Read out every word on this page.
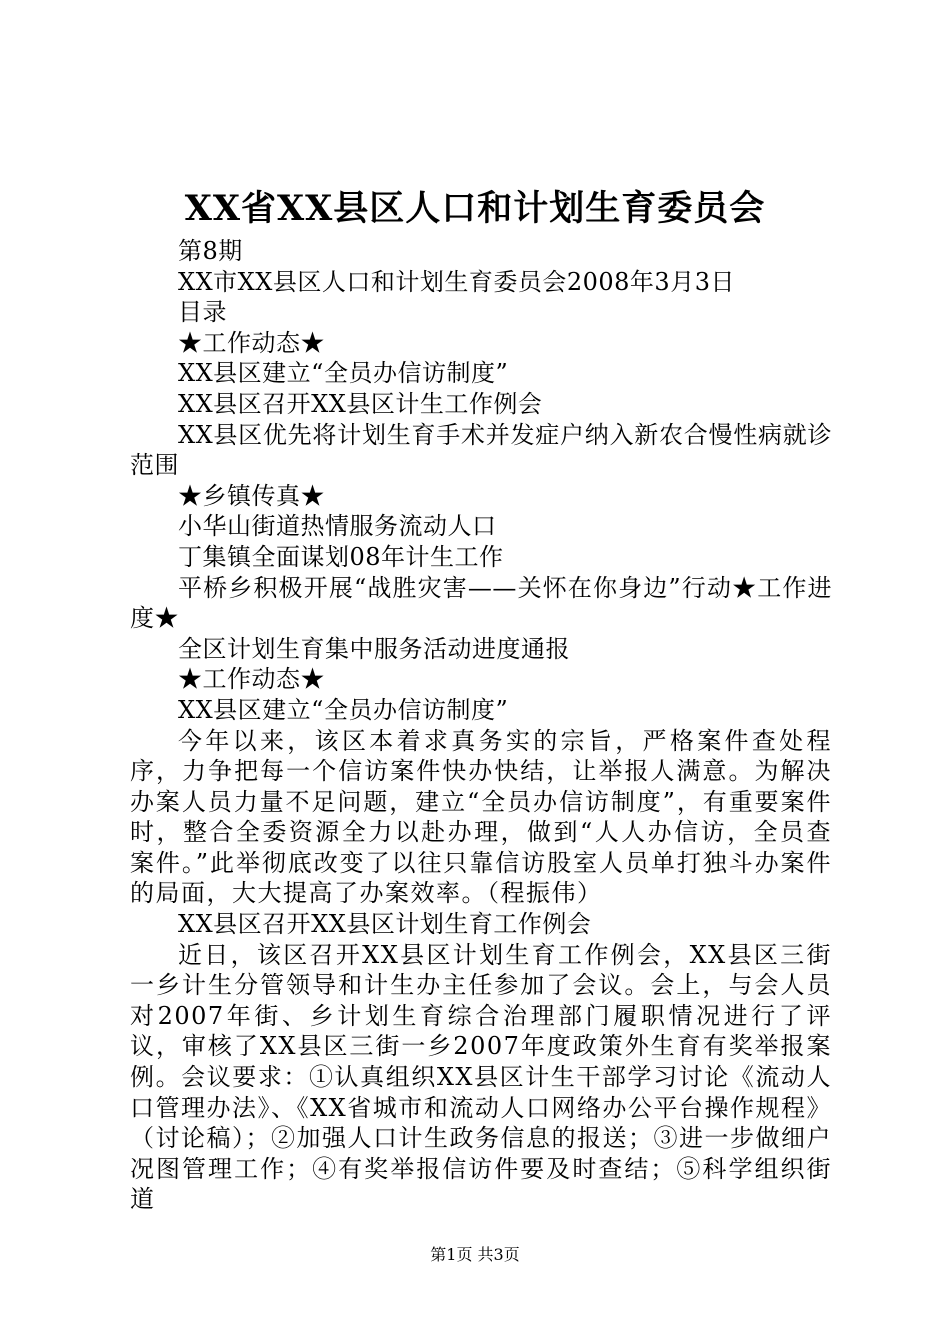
XX省XX县区人口和计划生育委员会

第8期

XX市XX县区人口和计划生育委员会2008年3月3日

目录

★工作动态★

XX县区建立“全员办信访制度”

XX县区召开XX县区计生工作例会

XX县区优先将计划生育手术并发症户纳入新农合慢性病就诊范围

★乡镇传真★

小华山街道热情服务流动人口

丁集镇全面谋划08年计生工作

平桥乡积极开展“战胜灾害——关怀在你身边”行动★工作进度★

全区计划生育集中服务活动进度通报

★工作动态★

XX县区建立“全员办信访制度”

今年以来，该区本着求真务实的宗旨，严格案件查处程序，力争把每一个信访案件快办快结，让举报人满意。为解决办案人员力量不足问题，建立“全员办信访制度”，有重要案件时，整合全委资源全力以赴办理，做到“人人办信访，全员查案件。”此举彻底改变了以往只靠信访股室人员单打独斗办案件的局面，大大提高了办案效率。（程振伟）

XX县区召开XX县区计划生育工作例会

近日，该区召开XX县区计划生育工作例会，XX县区三街一乡计生分管领导和计生办主任参加了会议。会上，与会人员对2007年街、乡计划生育综合治理部门履职情况进行了评议，审核了XX县区三街一乡2007年度政策外生育有奖举报案例。会议要求：①认真组织XX县区计生干部学习讨论《流动人口管理办法》、《XX省城市和流动人口网络办公平台操作规程》（讨论稿）；②加强人口计生政务信息的报送；③进一步做细户况图管理工作；④有奖举报信访件要及时查结；⑤科学组织街道

第1页 共3页
